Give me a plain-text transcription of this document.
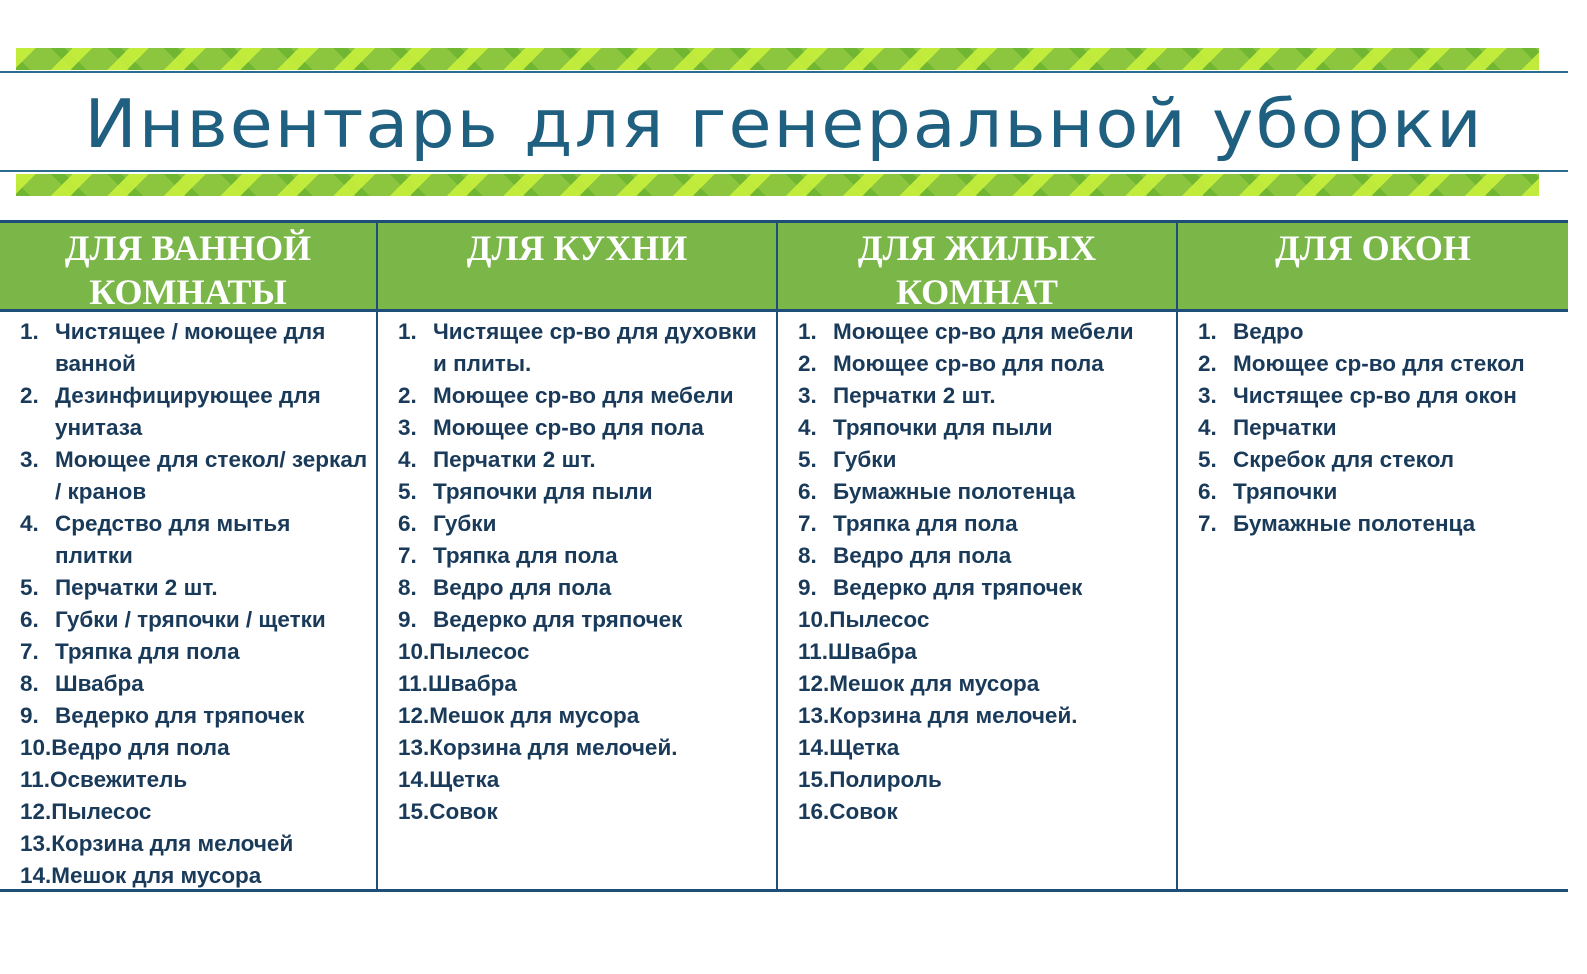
Инвентарь для генеральной уборки
ДЛЯ ВАННОЙ
КОМНАТЫ
1. Чистящее / моющее для ванной
2. Дезинфицирующее для унитаза
3. Моющее для стекол/ зеркал / кранов
4. Средство для мытья плитки
5. Перчатки 2 шт.
6. Губки / тряпочки / щетки
7. Тряпка для пола
8. Швабра
9. Ведерко для тряпочек
10. Ведро для пола
11. Освежитель
12. Пылесос
13. Корзина для мелочей
14. Мешок для мусора
ДЛЯ КУХНИ
1. Чистящее ср-во для духовки и плиты.
2. Моющее ср-во для мебели
3. Моющее ср-во для пола
4. Перчатки 2 шт.
5. Тряпочки для пыли
6. Губки
7. Тряпка для пола
8. Ведро для пола
9. Ведерко для тряпочек
10. Пылесос
11. Швабра
12. Мешок для мусора
13. Корзина для мелочей.
14. Щетка
15. Совок
ДЛЯ ЖИЛЫХ
КОМНАТ
1. Моющее ср-во для мебели
2. Моющее ср-во для пола
3. Перчатки 2 шт.
4. Тряпочки для пыли
5. Губки
6. Бумажные полотенца
7. Тряпка для пола
8. Ведро для пола
9. Ведерко для тряпочек
10. Пылесос
11. Швабра
12. Мешок для мусора
13. Корзина для мелочей.
14. Щетка
15. Полироль
16. Совок
ДЛЯ ОКОН
1. Ведро
2. Моющее ср-во для стекол
3. Чистящее ср-во для окон
4. Перчатки
5. Скребок для стекол
6. Тряпочки
7. Бумажные полотенца
